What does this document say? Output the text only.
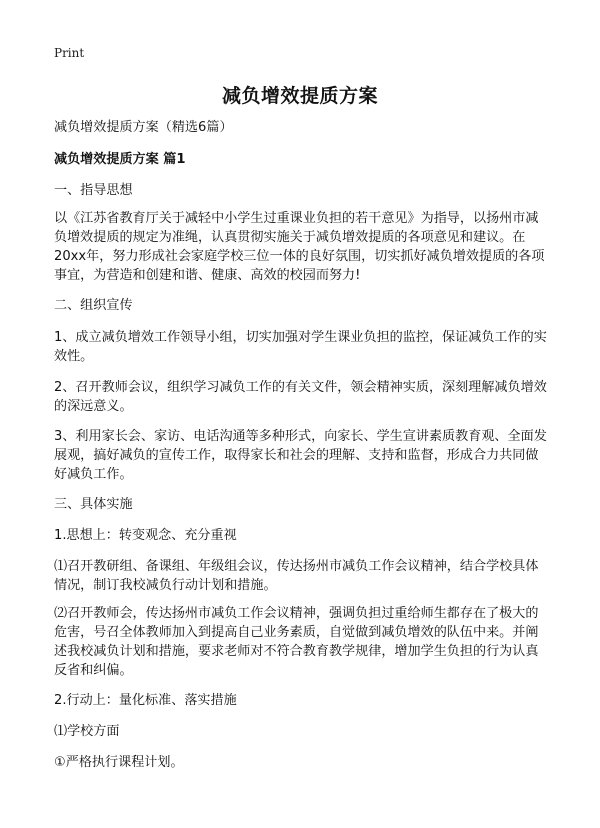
Print
减负增效提质方案

减负增效提质方案（精选6篇）

减负增效提质方案 篇1

一、指导思想

以《江苏省教育厅关于减轻中小学生过重课业负担的若干意见》为指导，以扬州市减负增效提质的规定为准绳，认真贯彻实施关于减负增效提质的各项意见和建议。在20xx年，努力形成社会家庭学校三位一体的良好氛围，切实抓好减负增效提质的各项事宜，为营造和创建和谐、健康、高效的校园而努力!

二、组织宣传

1、成立减负增效工作领导小组，切实加强对学生课业负担的监控，保证减负工作的实效性。

2、召开教师会议，组织学习减负工作的有关文件，领会精神实质，深刻理解减负增效的深远意义。

3、利用家长会、家访、电话沟通等多种形式，向家长、学生宣讲素质教育观、全面发展观，搞好减负的宣传工作，取得家长和社会的理解、支持和监督，形成合力共同做好减负工作。

三、具体实施

1.思想上：转变观念、充分重视

⑴召开教研组、备课组、年级组会议，传达扬州市减负工作会议精神，结合学校具体情况，制订我校减负行动计划和措施。

⑵召开教师会，传达扬州市减负工作会议精神，强调负担过重给师生都存在了极大的危害，号召全体教师加入到提高自己业务素质，自觉做到减负增效的队伍中来。并阐述我校减负计划和措施，要求老师对不符合教育教学规律，增加学生负担的行为认真反省和纠偏。

2.行动上：量化标准、落实措施

⑴学校方面

①严格执行课程计划。
